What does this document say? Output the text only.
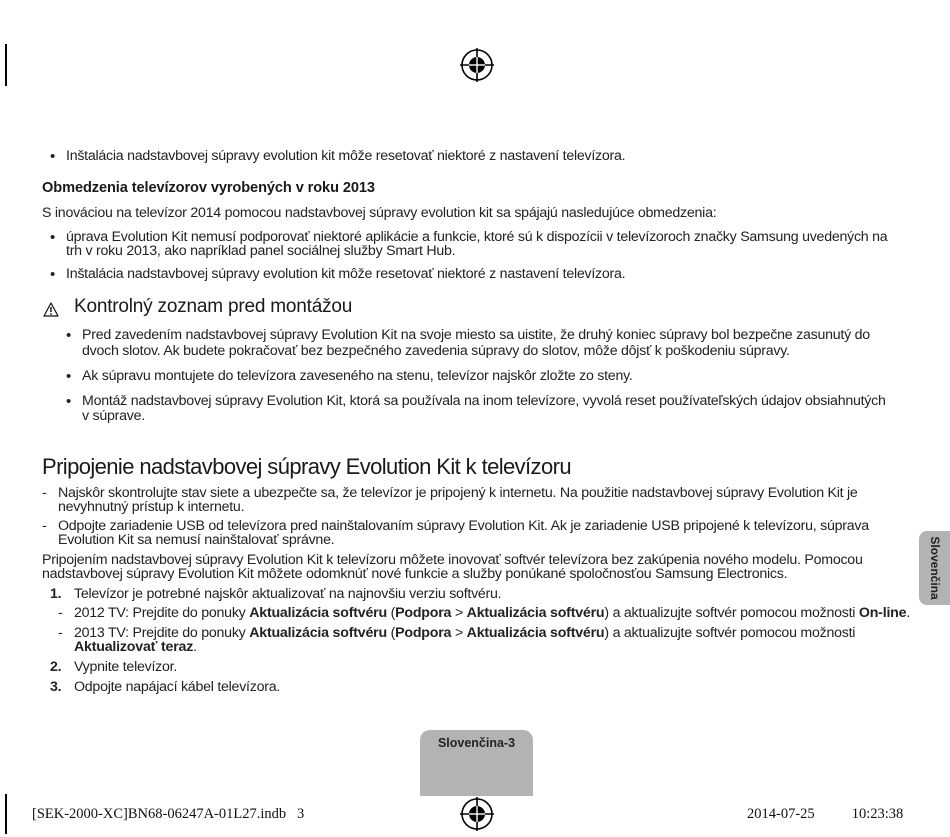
• Inštalácia nadstavbovej súpravy evolution kit môže resetovať niektoré z nastavení televízora.
Obmedzenia televízorov vyrobených v roku 2013
S inováciou na televízor 2014 pomocou nadstavbovej súpravy evolution kit sa spájajú nasledujúce obmedzenia:
• úprava Evolution Kit nemusí podporovať niektoré aplikácie a funkcie, ktoré sú k dispozícii v televízoroch značky Samsung uvedených na
trh v roku 2013, ako napríklad panel sociálnej služby Smart Hub.
• Inštalácia nadstavbovej súpravy evolution kit môže resetovať niektoré z nastavení televízora.
Kontrolný zoznam pred montážou
• Pred zavedením nadstavbovej súpravy Evolution Kit na svoje miesto sa uistite, že druhý koniec súpravy bol bezpečne zasunutý do
dvoch slotov. Ak budete pokračovať bez bezpečného zavedenia súpravy do slotov, môže dôjsť k poškodeniu súpravy.
• Ak súpravu montujete do televízora zaveseného na stenu, televízor najskôr zložte zo steny.
• Montáž nadstavbovej súpravy Evolution Kit, ktorá sa používala na inom televízore, vyvolá reset používateľských údajov obsiahnutých
v súprave.
Pripojenie nadstavbovej súpravy Evolution Kit k televízoru
- Najskôr skontrolujte stav siete a ubezpečte sa, že televízor je pripojený k internetu. Na použitie nadstavbovej súpravy Evolution Kit je
nevyhnutný prístup k internetu.
- Odpojte zariadenie USB od televízora pred nainštalovaním súpravy Evolution Kit. Ak je zariadenie USB pripojené k televízoru, súprava
Evolution Kit sa nemusí nainštalovať správne.
Pripojením nadstavbovej súpravy Evolution Kit k televízoru môžete inovovať softvér televízora bez zakúpenia nového modelu. Pomocou
nadstavbovej súpravy Evolution Kit môžete odomknúť nové funkcie a služby ponúkané spoločnosťou Samsung Electronics.
1. Televízor je potrebné najskôr aktualizovať na najnovšiu verziu softvéru.
- 2012 TV: Prejdite do ponuky Aktualizácia softvéru (Podpora > Aktualizácia softvéru) a aktualizujte softvér pomocou možnosti On-line.
- 2013 TV: Prejdite do ponuky Aktualizácia softvéru (Podpora > Aktualizácia softvéru) a aktualizujte softvér pomocou možnosti
Aktualizovať teraz.
2. Vypnite televízor.
3. Odpojte napájací kábel televízora.
Slovenčina
Slovenčina-3
[SEK-2000-XC]BN68-06247A-01L27.indb   3	2014-07-25   ￿￿ 10:23:38
